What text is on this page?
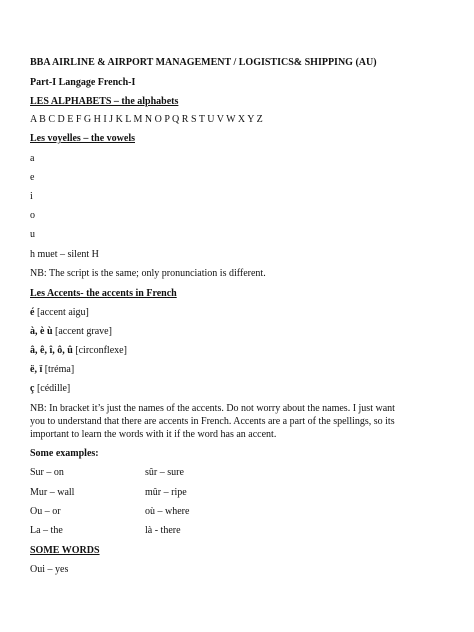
BBA AIRLINE & AIRPORT MANAGEMENT / LOGISTICS& SHIPPING (AU)
Part-I Langage French-I
LES ALPHABETS – the alphabets
A B C D E F G H I J K L M N O P Q R S T U V W X Y Z
Les voyelles – the vowels
a
e
i
o
u
h muet – silent H
NB: The script is the same; only pronunciation is different.
Les Accents- the accents in French
é [accent aigu]
à, è ù [accent grave]
â, ê, î, ô, û [circonflexe]
ë, ï [tréma]
ç [cédille]
NB: In bracket it’s just the names of the accents. Do not worry about the names. I just want
you to understand that there are accents in French. Accents are a part of the spellings, so its
important to learn the words with it if the word has an accent.
Some examples:
Sur – on	sûr – sure
Mur – wall	mûr – ripe
Ou – or	où – where
La – the	là - there
SOME WORDS
Oui – yes
